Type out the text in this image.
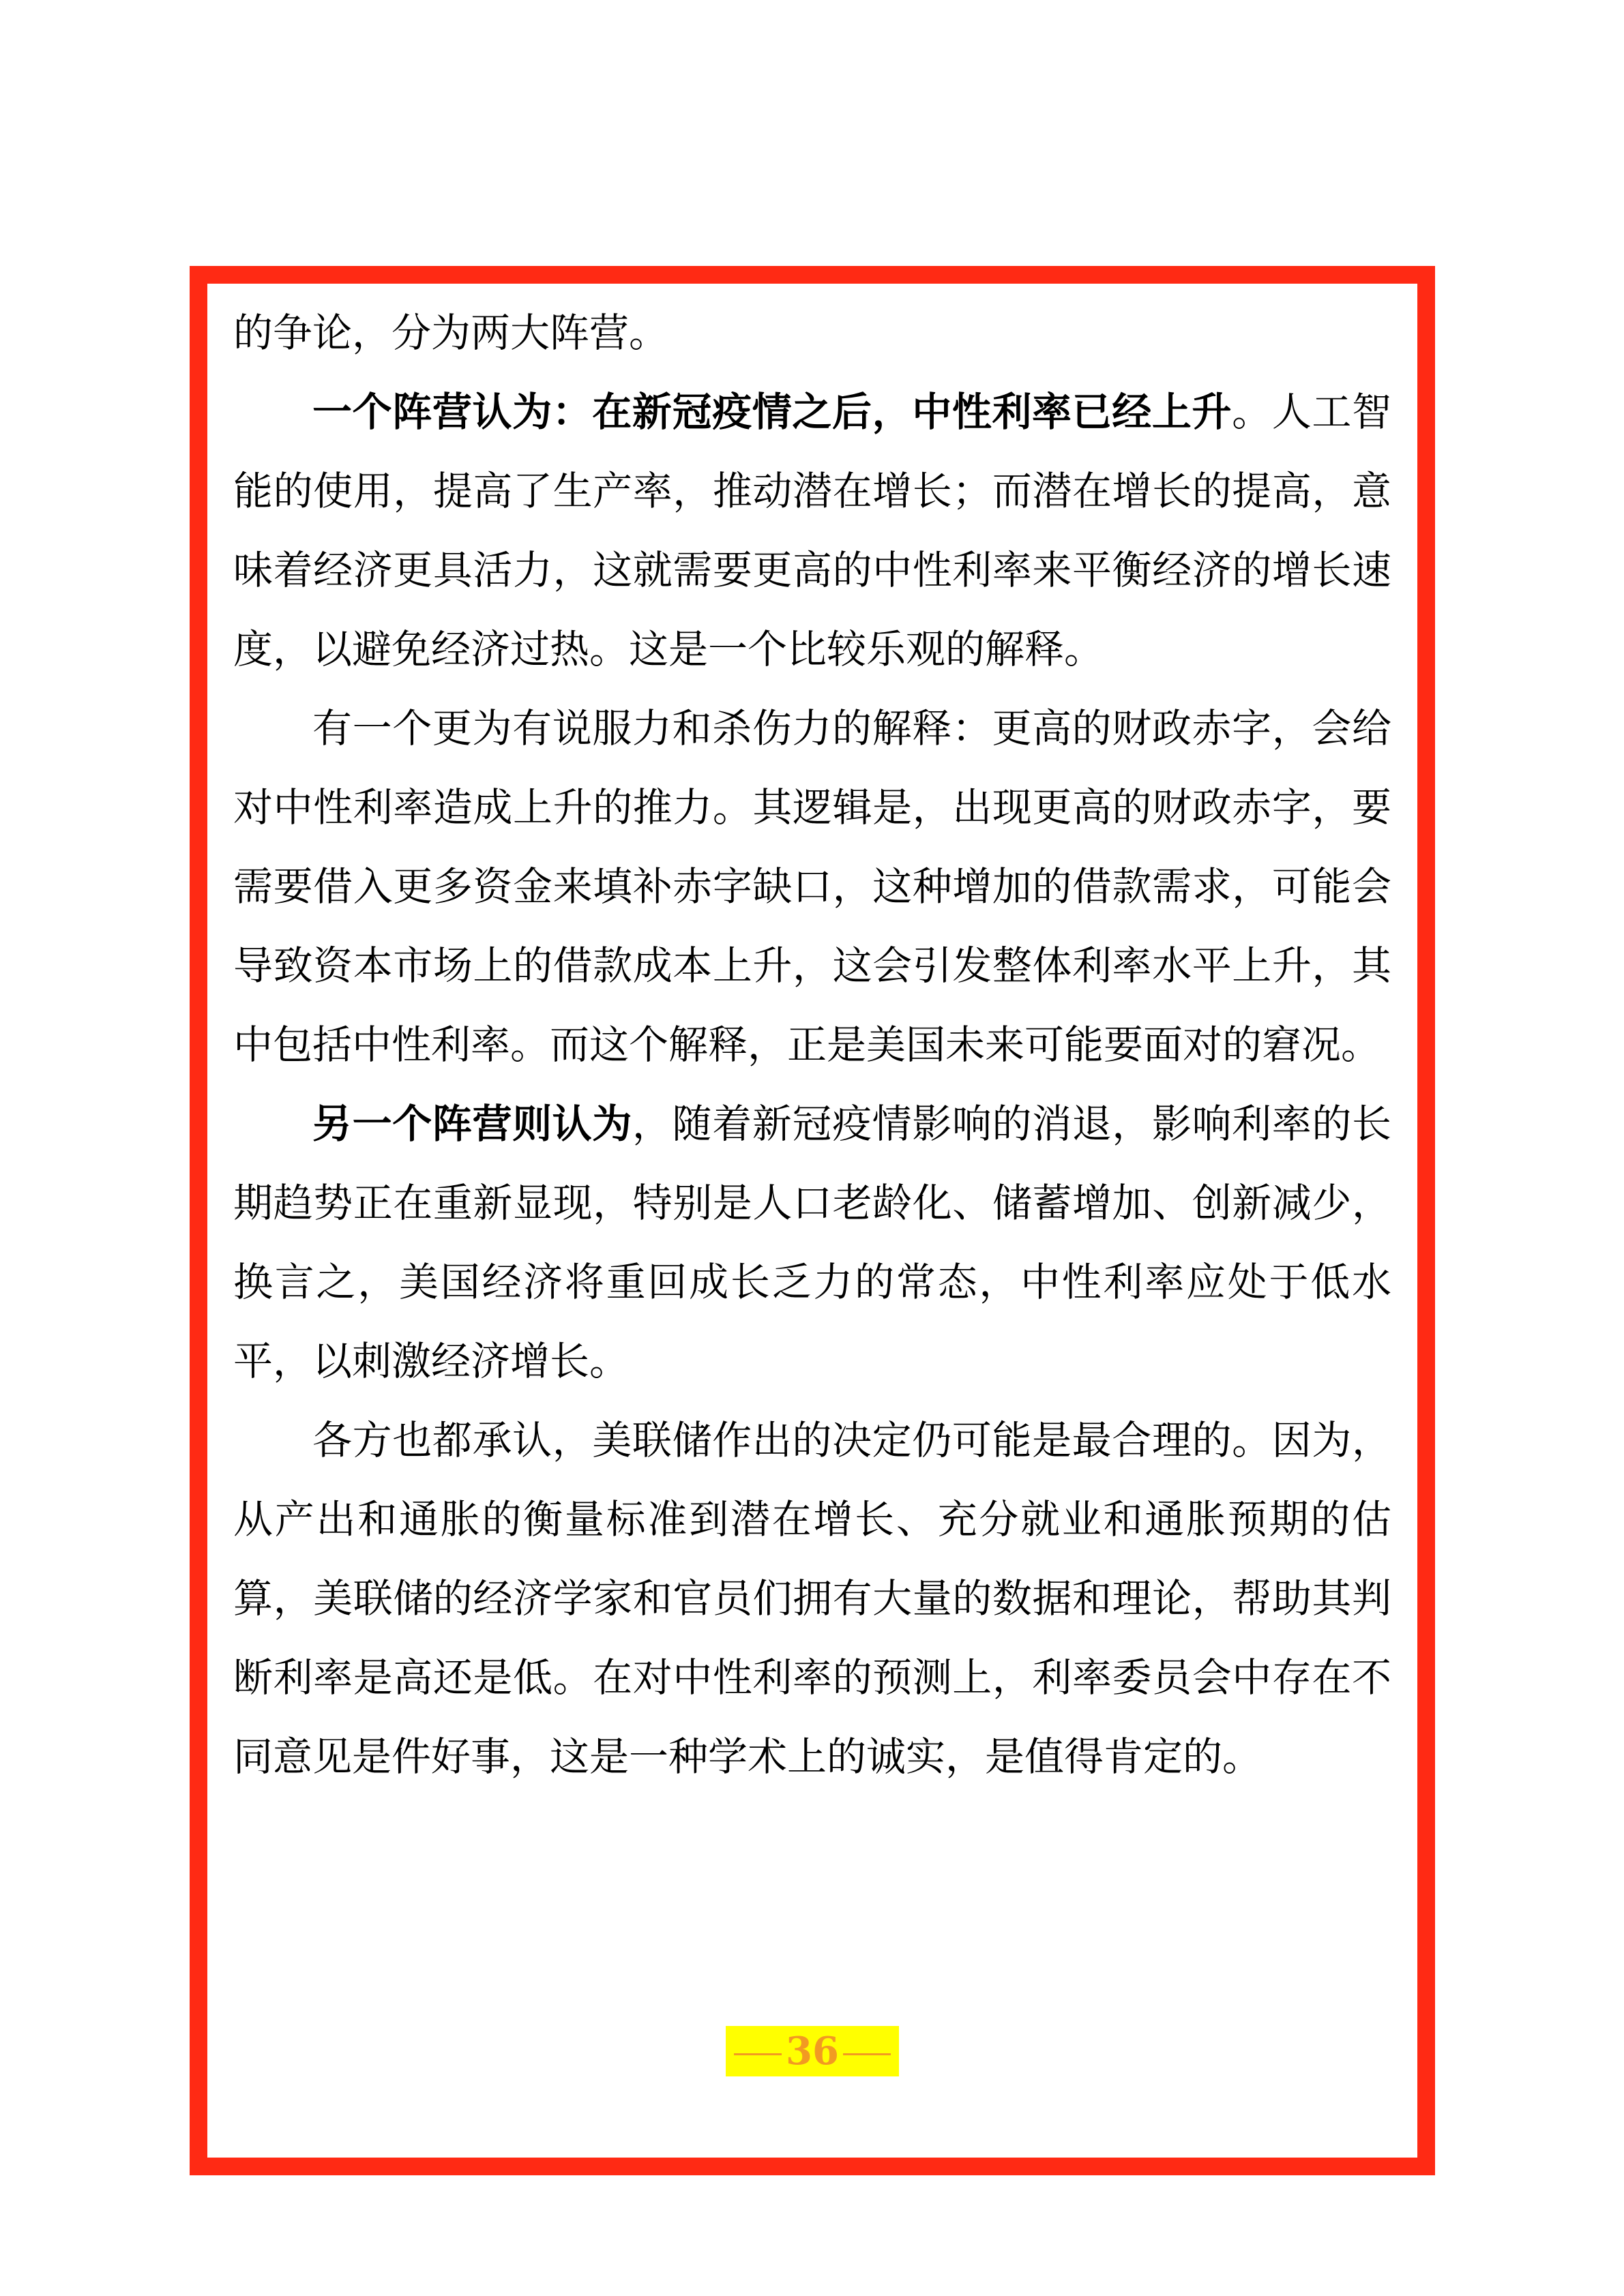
的争论，分为两大阵营。

一个阵营认为：在新冠疫情之后，中性利率已经上升。人工智能的使用，提高了生产率，推动潜在增长；而潜在增长的提高，意味着经济更具活力，这就需要更高的中性利率来平衡经济的增长速度，以避免经济过热。这是一个比较乐观的解释。

有一个更为有说服力和杀伤力的解释：更高的财政赤字，会给对中性利率造成上升的推力。其逻辑是，出现更高的财政赤字，要需要借入更多资金来填补赤字缺口，这种增加的借款需求，可能会导致资本市场上的借款成本上升，这会引发整体利率水平上升，其中包括中性利率。而这个解释，正是美国未来可能要面对的窘况。

另一个阵营则认为，随着新冠疫情影响的消退，影响利率的长期趋势正在重新显现，特别是人口老龄化、储蓄增加、创新减少，换言之，美国经济将重回成长乏力的常态，中性利率应处于低水平，以刺激经济增长。

各方也都承认，美联储作出的决定仍可能是最合理的。因为，从产出和通胀的衡量标准到潜在增长、充分就业和通胀预期的估算，美联储的经济学家和官员们拥有大量的数据和理论，帮助其判断利率是高还是低。在对中性利率的预测上，利率委员会中存在不同意见是件好事，这是一种学术上的诚实，是值得肯定的。

36
